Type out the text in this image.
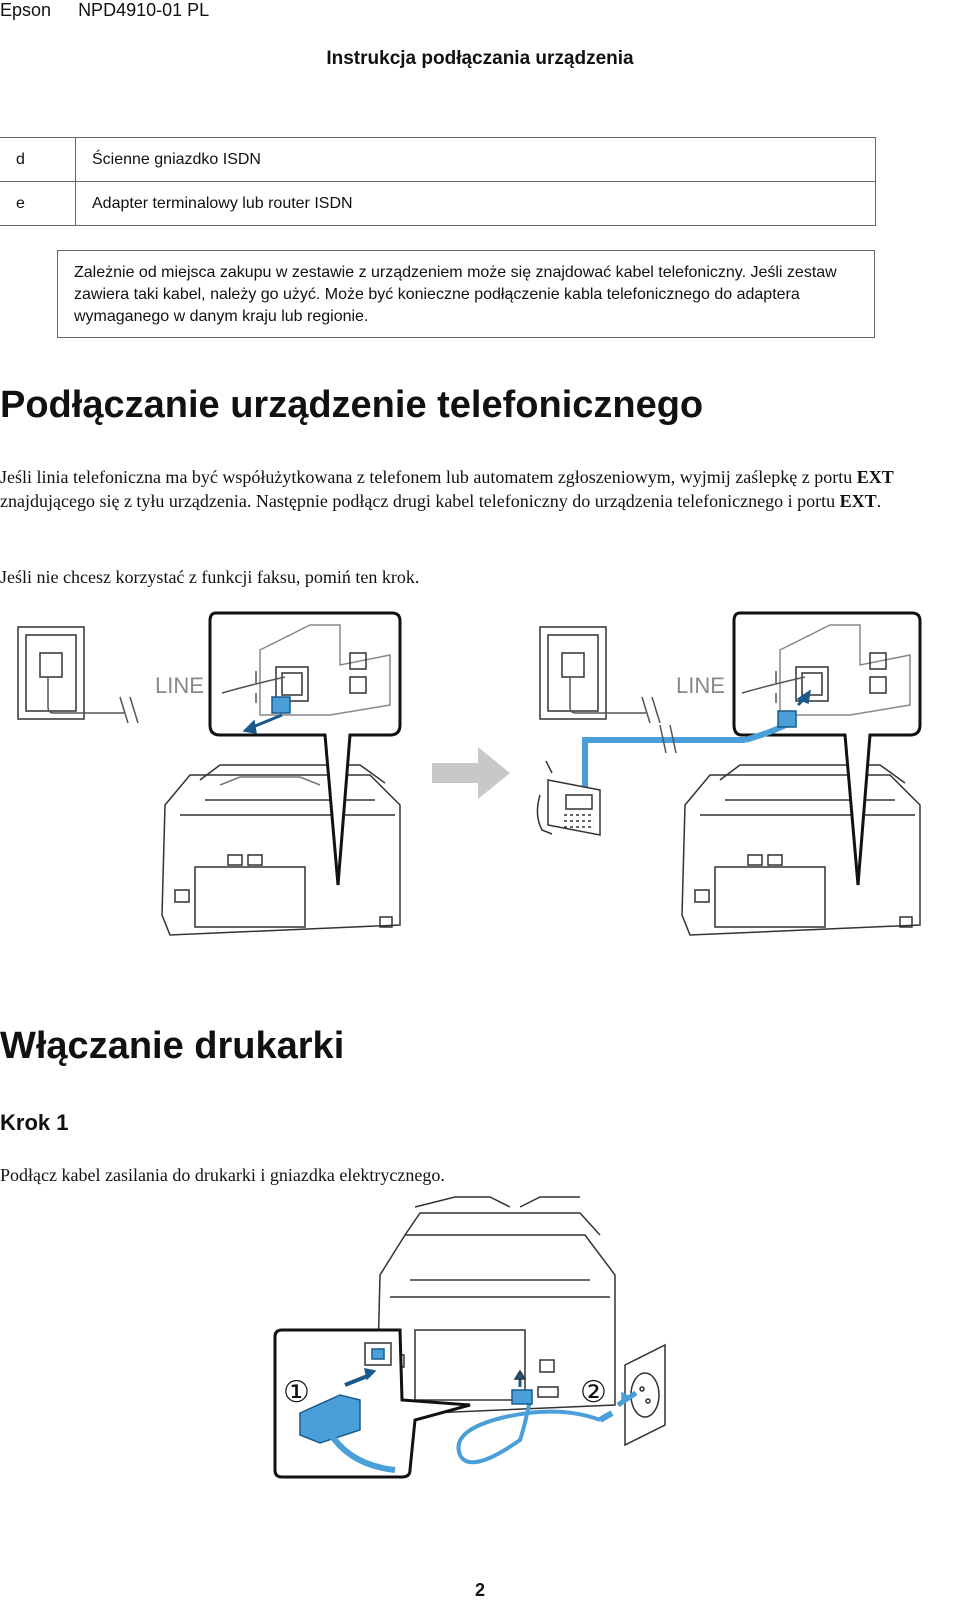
Epson NPD4910-01 PL
Instrukcja podłączania urządzenia
d	Ścienne gniazdko ISDN
e	Adapter terminalowy lub router ISDN
Zależnie od miejsca zakupu w zestawie z urządzeniem może się znajdować kabel telefoniczny. Jeśli zestaw zawiera taki kabel, należy go użyć. Może być konieczne podłączenie kabla telefonicznego do adaptera wymaganego w danym kraju lub regionie.
Podłączanie urządzenie telefonicznego
Jeśli linia telefoniczna ma być współużytkowana z telefonem lub automatem zgłoszeniowym, wyjmij zaślepkę z portu EXT znajdującego się z tyłu urządzenia. Następnie podłącz drugi kabel telefoniczny do urządzenia telefonicznego i portu EXT.
Jeśli nie chcesz korzystać z funkcji faksu, pomiń ten krok.
LINE	LINE
Włączanie drukarki
Krok 1
Podłącz kabel zasilania do drukarki i gniazdka elektrycznego.
①	②
2
